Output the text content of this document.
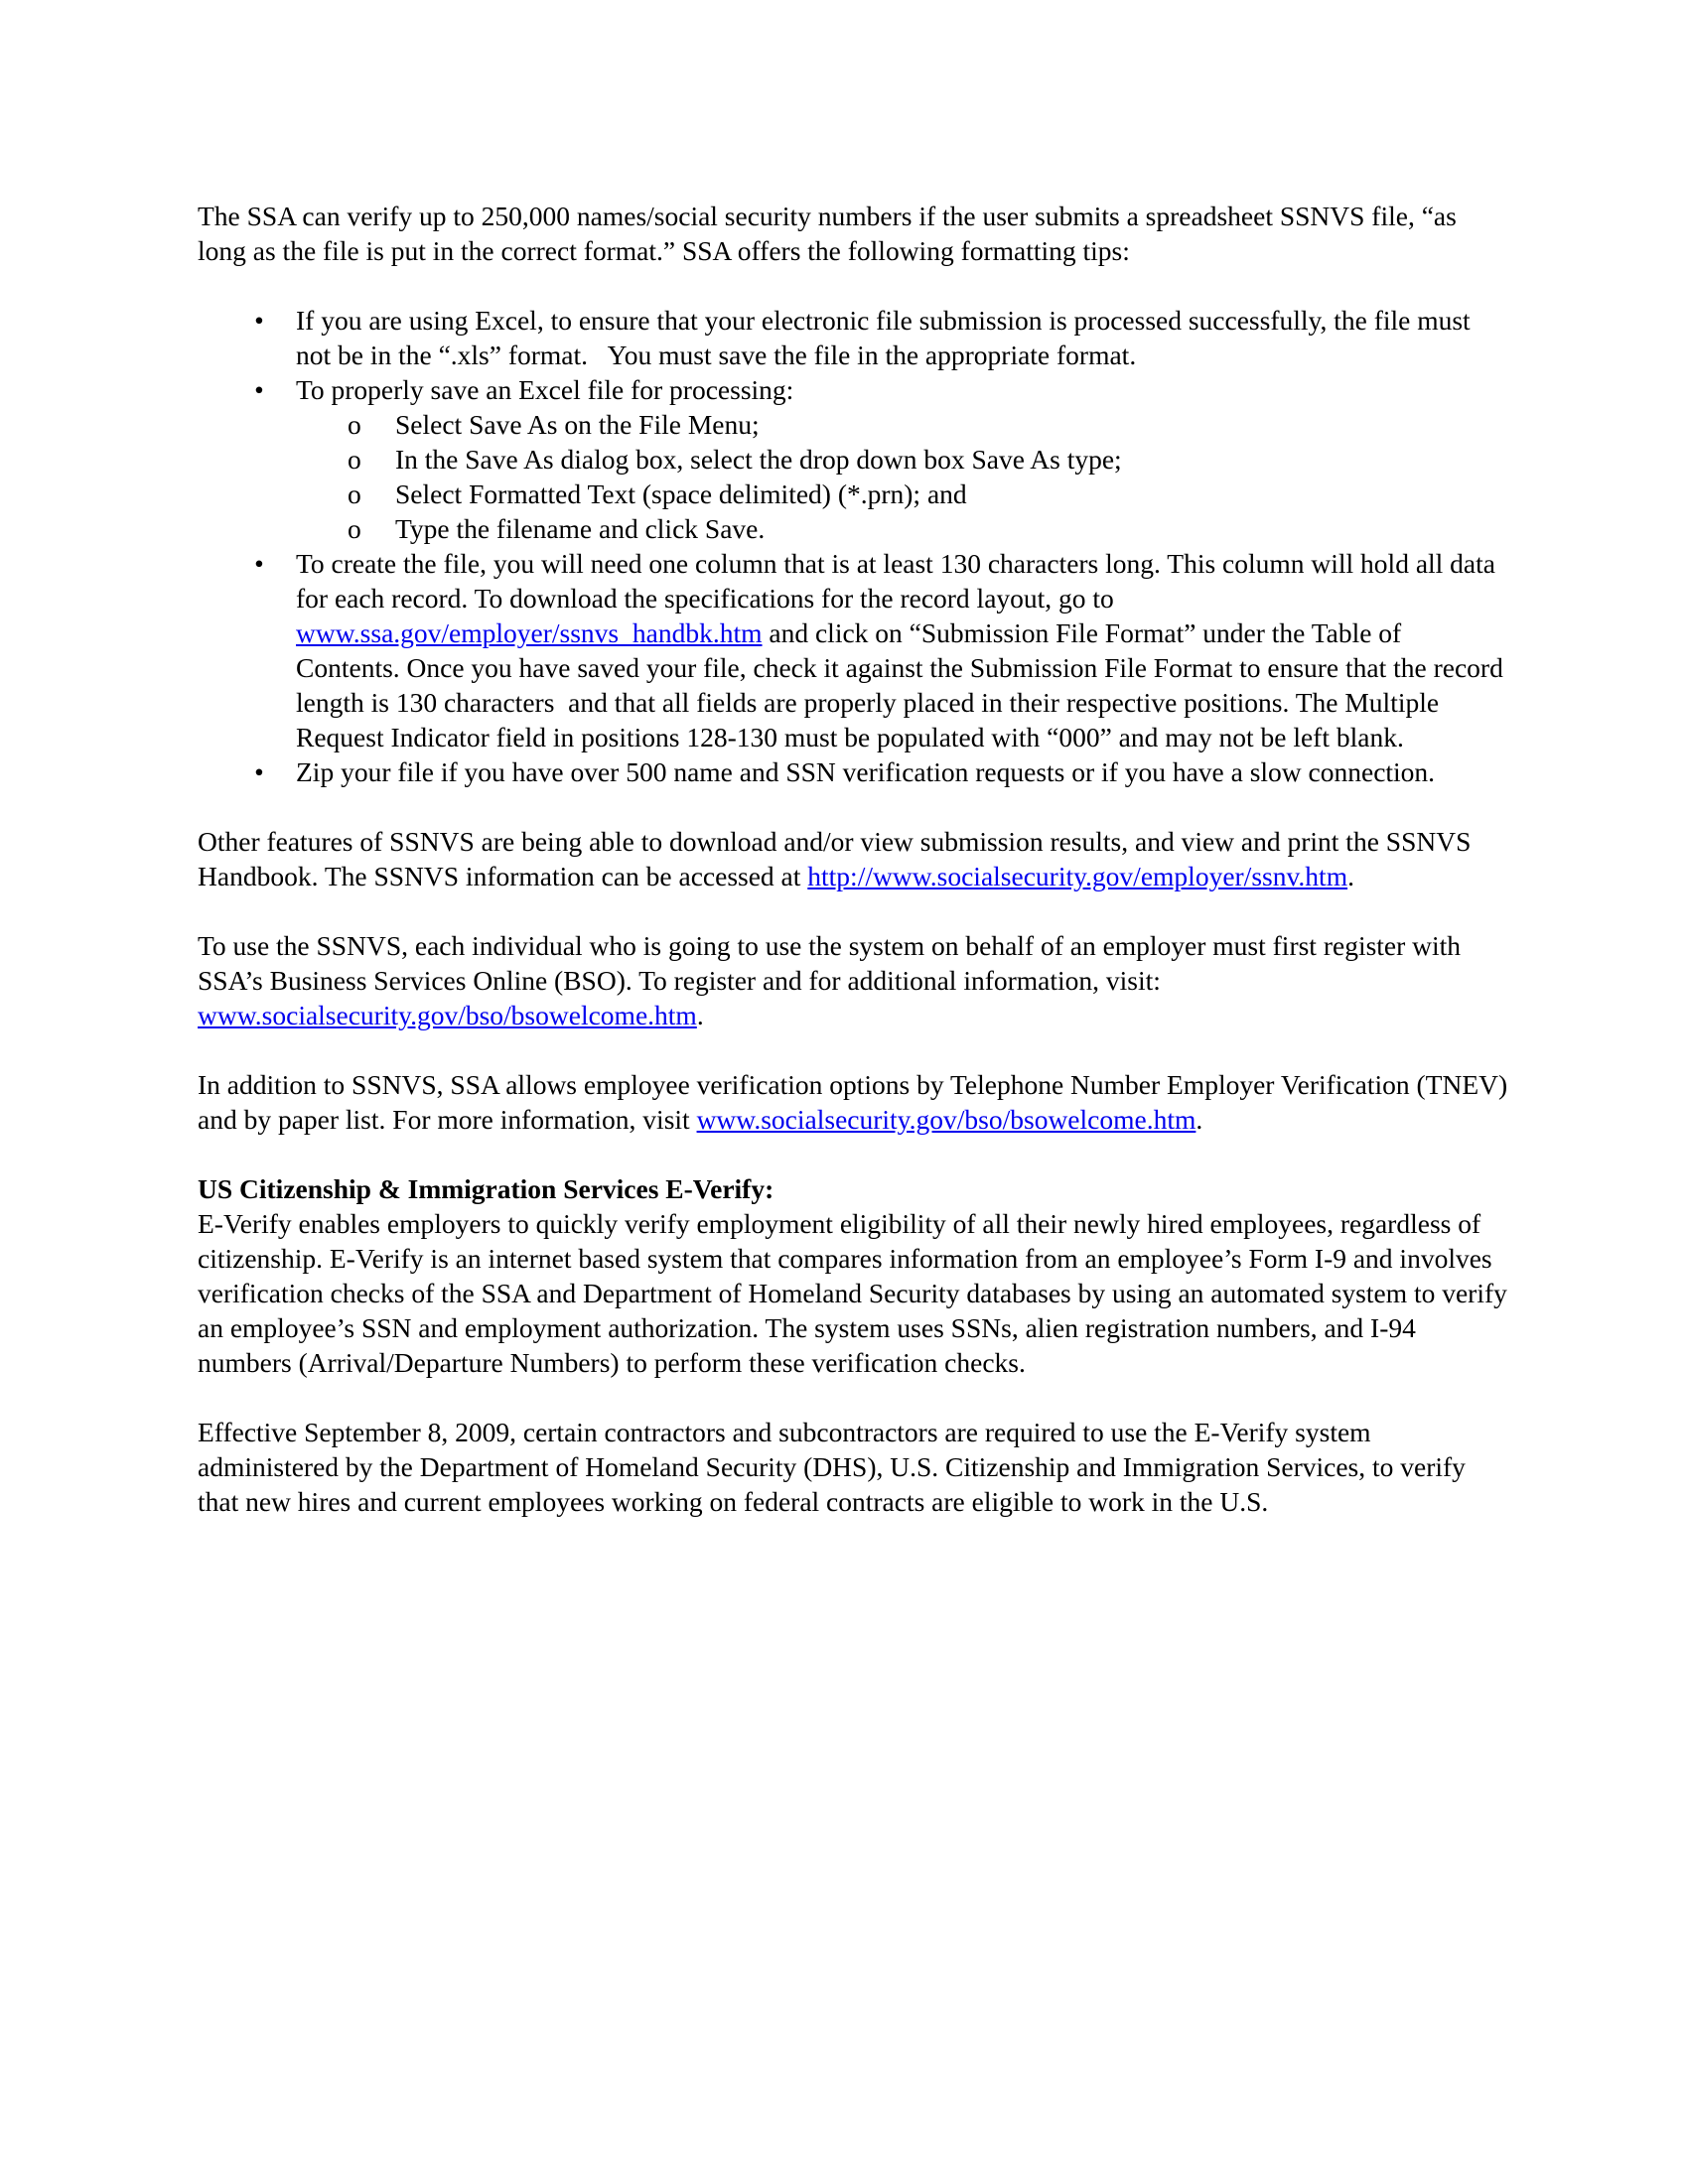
The SSA can verify up to 250,000 names/social security numbers if the user submits a spreadsheet SSNVS file, “as long as the file is put in the correct format.” SSA offers the following formatting tips:

• If you are using Excel, to ensure that your electronic file submission is processed successfully, the file must not be in the “.xls” format.   You must save the file in the appropriate format.
• To properly save an Excel file for processing:
o Select Save As on the File Menu;
o In the Save As dialog box, select the drop down box Save As type;
o Select Formatted Text (space delimited) (*.prn); and
o Type the filename and click Save.
• To create the file, you will need one column that is at least 130 characters long. This column will hold all data for each record. To download the specifications for the record layout, go to www.ssa.gov/employer/ssnvs_handbk.htm and click on “Submission File Format” under the Table of Contents. Once you have saved your file, check it against the Submission File Format to ensure that the record length is 130 characters  and that all fields are properly placed in their respective positions. The Multiple Request Indicator field in positions 128-130 must be populated with “000” and may not be left blank.
• Zip your file if you have over 500 name and SSN verification requests or if you have a slow connection.

Other features of SSNVS are being able to download and/or view submission results, and view and print the SSNVS Handbook. The SSNVS information can be accessed at http://www.socialsecurity.gov/employer/ssnv.htm.

To use the SSNVS, each individual who is going to use the system on behalf of an employer must first register with SSA’s Business Services Online (BSO). To register and for additional information, visit: www.socialsecurity.gov/bso/bsowelcome.htm.

In addition to SSNVS, SSA allows employee verification options by Telephone Number Employer Verification (TNEV) and by paper list. For more information, visit www.socialsecurity.gov/bso/bsowelcome.htm.

US Citizenship & Immigration Services E-Verify:

E-Verify enables employers to quickly verify employment eligibility of all their newly hired employees, regardless of citizenship. E-Verify is an internet based system that compares information from an employee’s Form I-9 and involves verification checks of the SSA and Department of Homeland Security databases by using an automated system to verify an employee’s SSN and employment authorization. The system uses SSNs, alien registration numbers, and I-94 numbers (Arrival/Departure Numbers) to perform these verification checks.

Effective September 8, 2009, certain contractors and subcontractors are required to use the E-Verify system administered by the Department of Homeland Security (DHS), U.S. Citizenship and Immigration Services, to verify that new hires and current employees working on federal contracts are eligible to work in the U.S.
